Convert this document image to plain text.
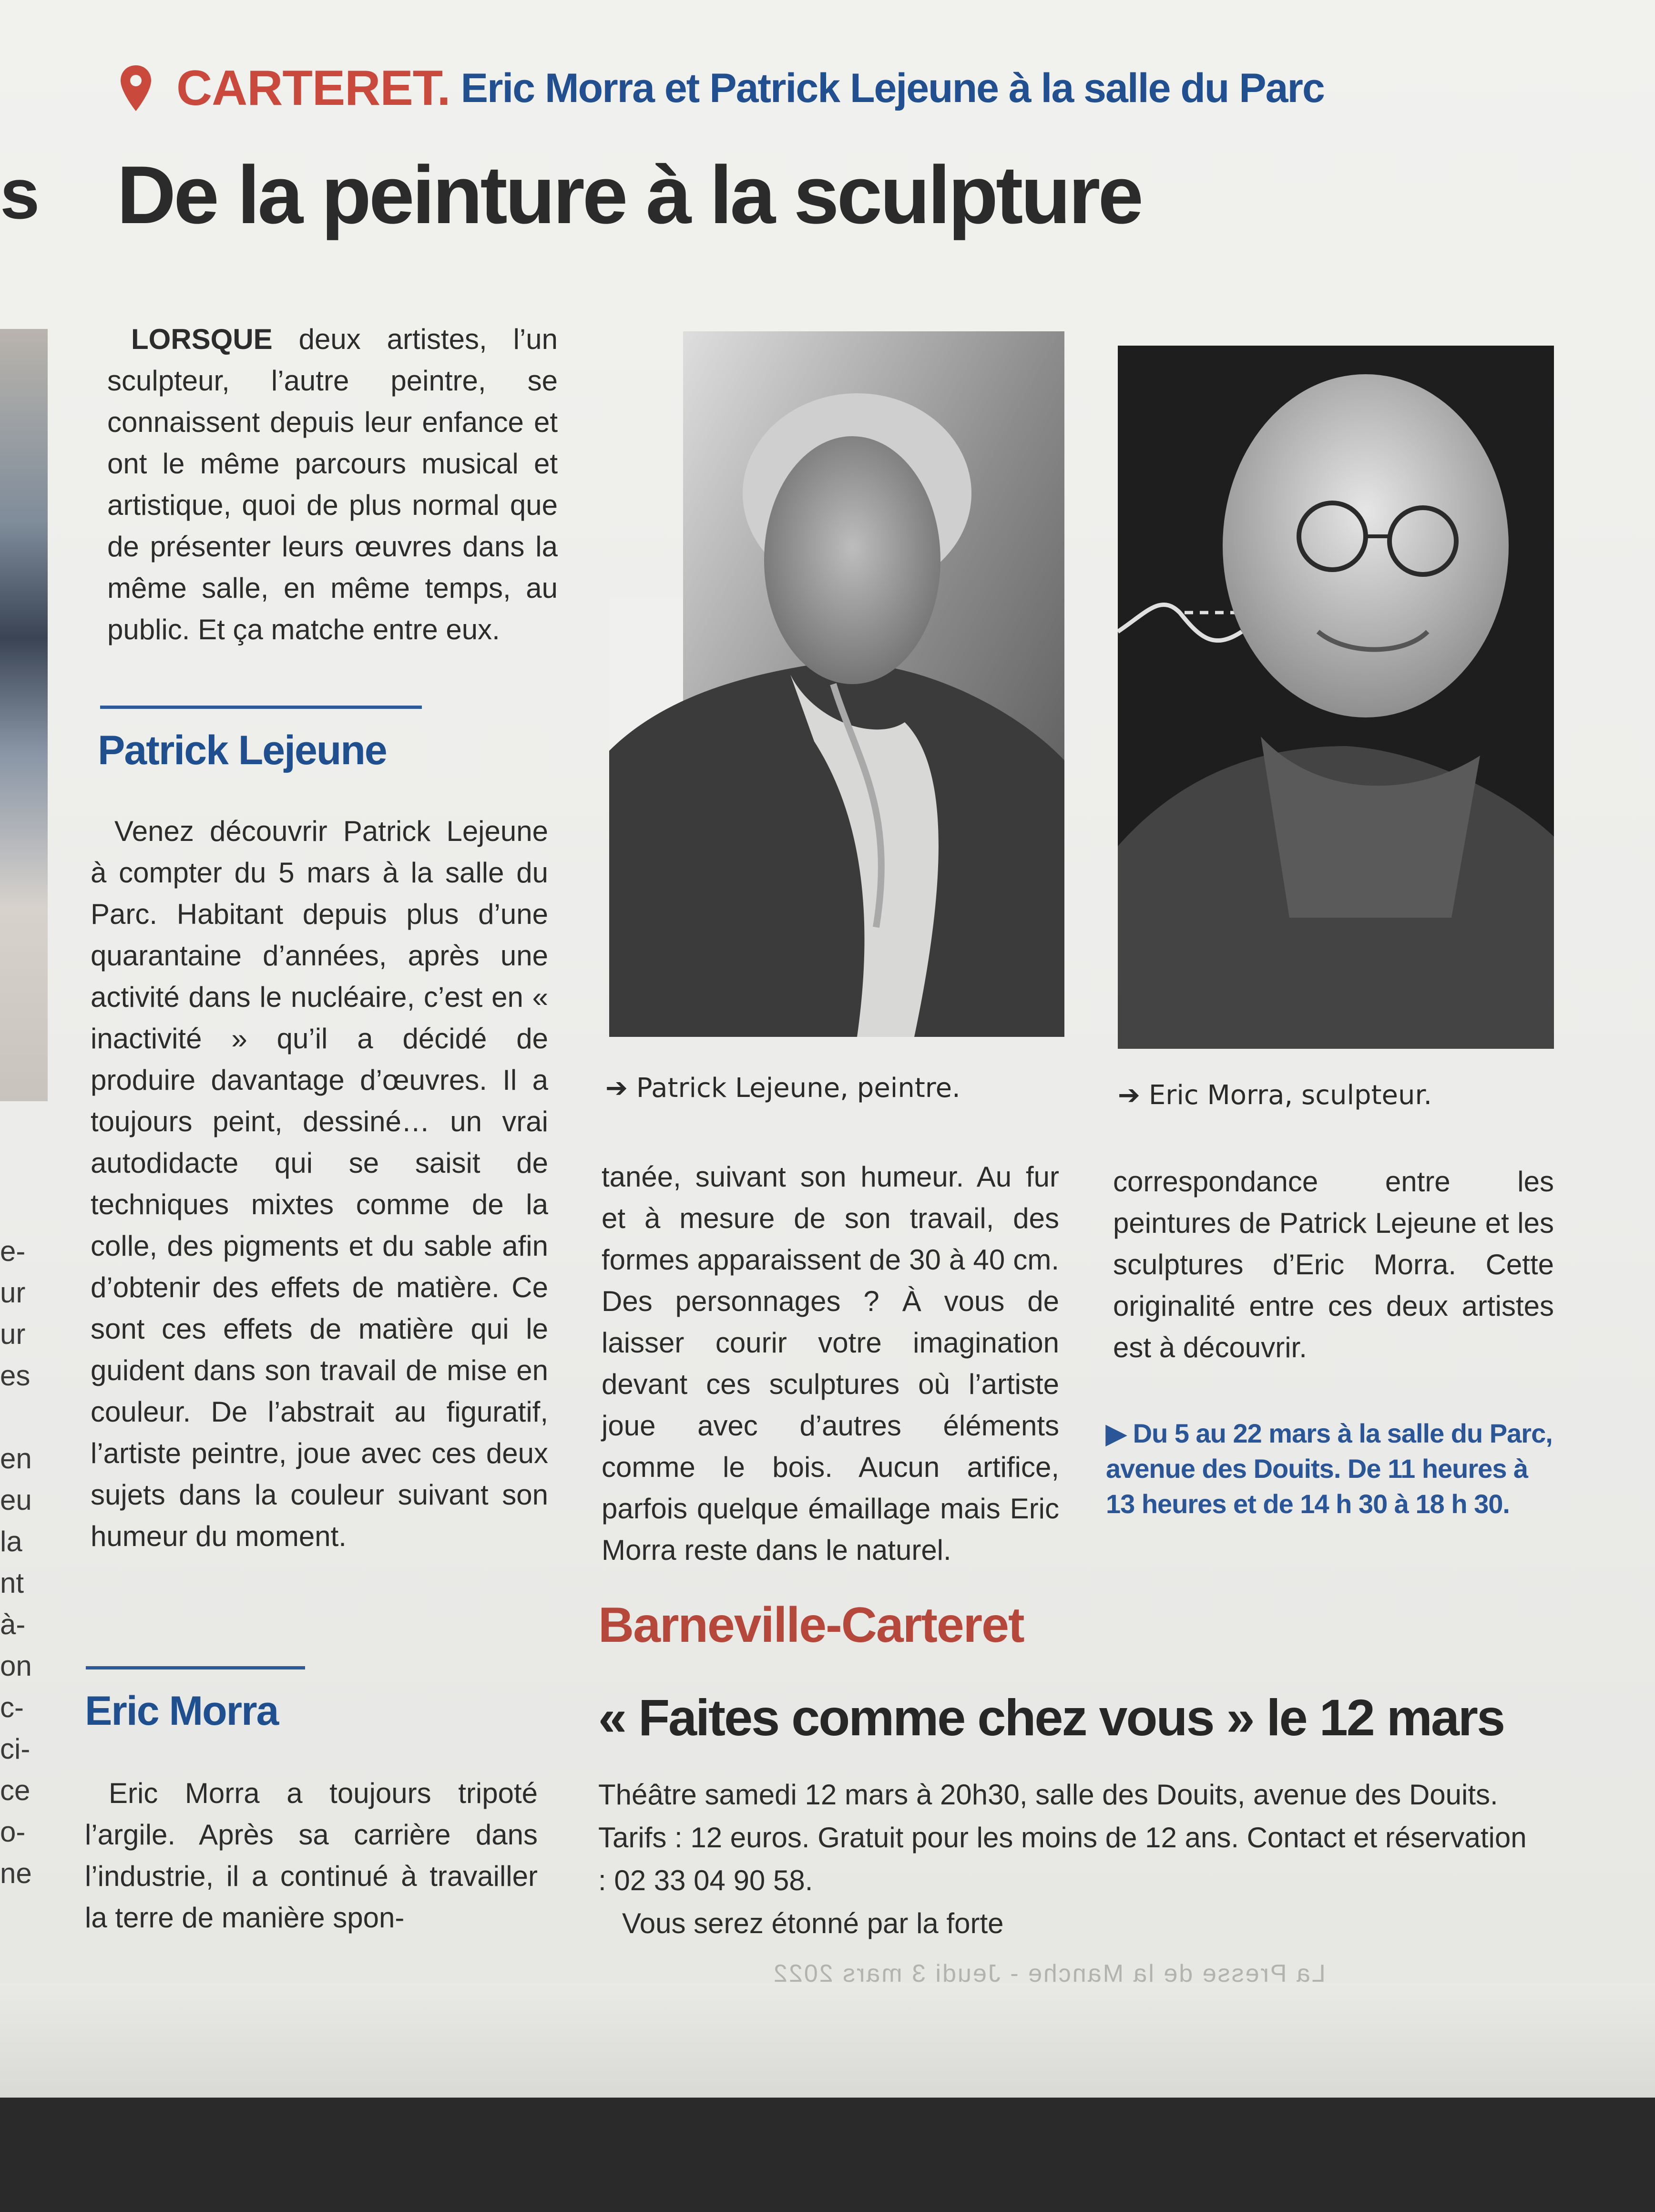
s
e-
ur
ur
es
en
eu
la
nt
à-
on
c-
ci-
ce
o-
ne
CARTERET. Eric Morra et Patrick Lejeune à la salle du Parc
De la peinture à la sculpture

LORSQUE deux artistes, l’un sculpteur, l’autre peintre, se connaissent depuis leur enfance et ont le même parcours musical et artistique, quoi de plus normal que de présenter leurs œuvres dans la même salle, en même temps, au public. Et ça matche entre eux.

Patrick Lejeune

Venez découvrir Patrick Lejeune à compter du 5 mars à la salle du Parc. Habitant depuis plus d’une quarantaine d’années, après une activité dans le nucléaire, c’est en « inactivité » qu’il a décidé de produire davantage d’œuvres. Il a toujours peint, dessiné… un vrai autodidacte qui se saisit de techniques mixtes comme de la colle, des pigments et du sable afin d’obtenir des effets de matière. Ce sont ces effets de matière qui le guident dans son travail de mise en couleur. De l’abstrait au figuratif, l’artiste peintre, joue avec ces deux sujets dans la couleur suivant son humeur du moment.

Eric Morra

Eric Morra a toujours tripoté l’argile. Après sa carrière dans l’industrie, il a continué à travailler la terre de manière spon-

➔ Patrick Lejeune, peintre.	➔ Eric Morra, sculpteur.

tanée, suivant son humeur. Au fur et à mesure de son travail, des formes apparaissent de 30 à 40 cm. Des personnages ? À vous de laisser courir votre imagination devant ces sculptures où l’artiste joue avec d’autres éléments comme le bois. Aucun artifice, parfois quelque émaillage mais Eric Morra reste dans le naturel.

correspondance entre les peintures de Patrick Lejeune et les sculptures d’Eric Morra. Cette originalité entre ces deux artistes est à découvrir.

▶ Du 5 au 22 mars à la salle du Parc, avenue des Douits. De 11 heures à 13 heures et de 14 h 30 à 18 h 30.
Barneville-Carteret
« Faites comme chez vous » le 12 mars

Théâtre samedi 12 mars à 20h30, salle des Douits, avenue des Douits. Tarifs : 12 euros. Gratuit pour les moins de 12 ans. Contact et réservation : 02 33 04 90 58.

Vous serez étonné par la forte

La Presse de la Manche - Jeudi 3 mars 2022
